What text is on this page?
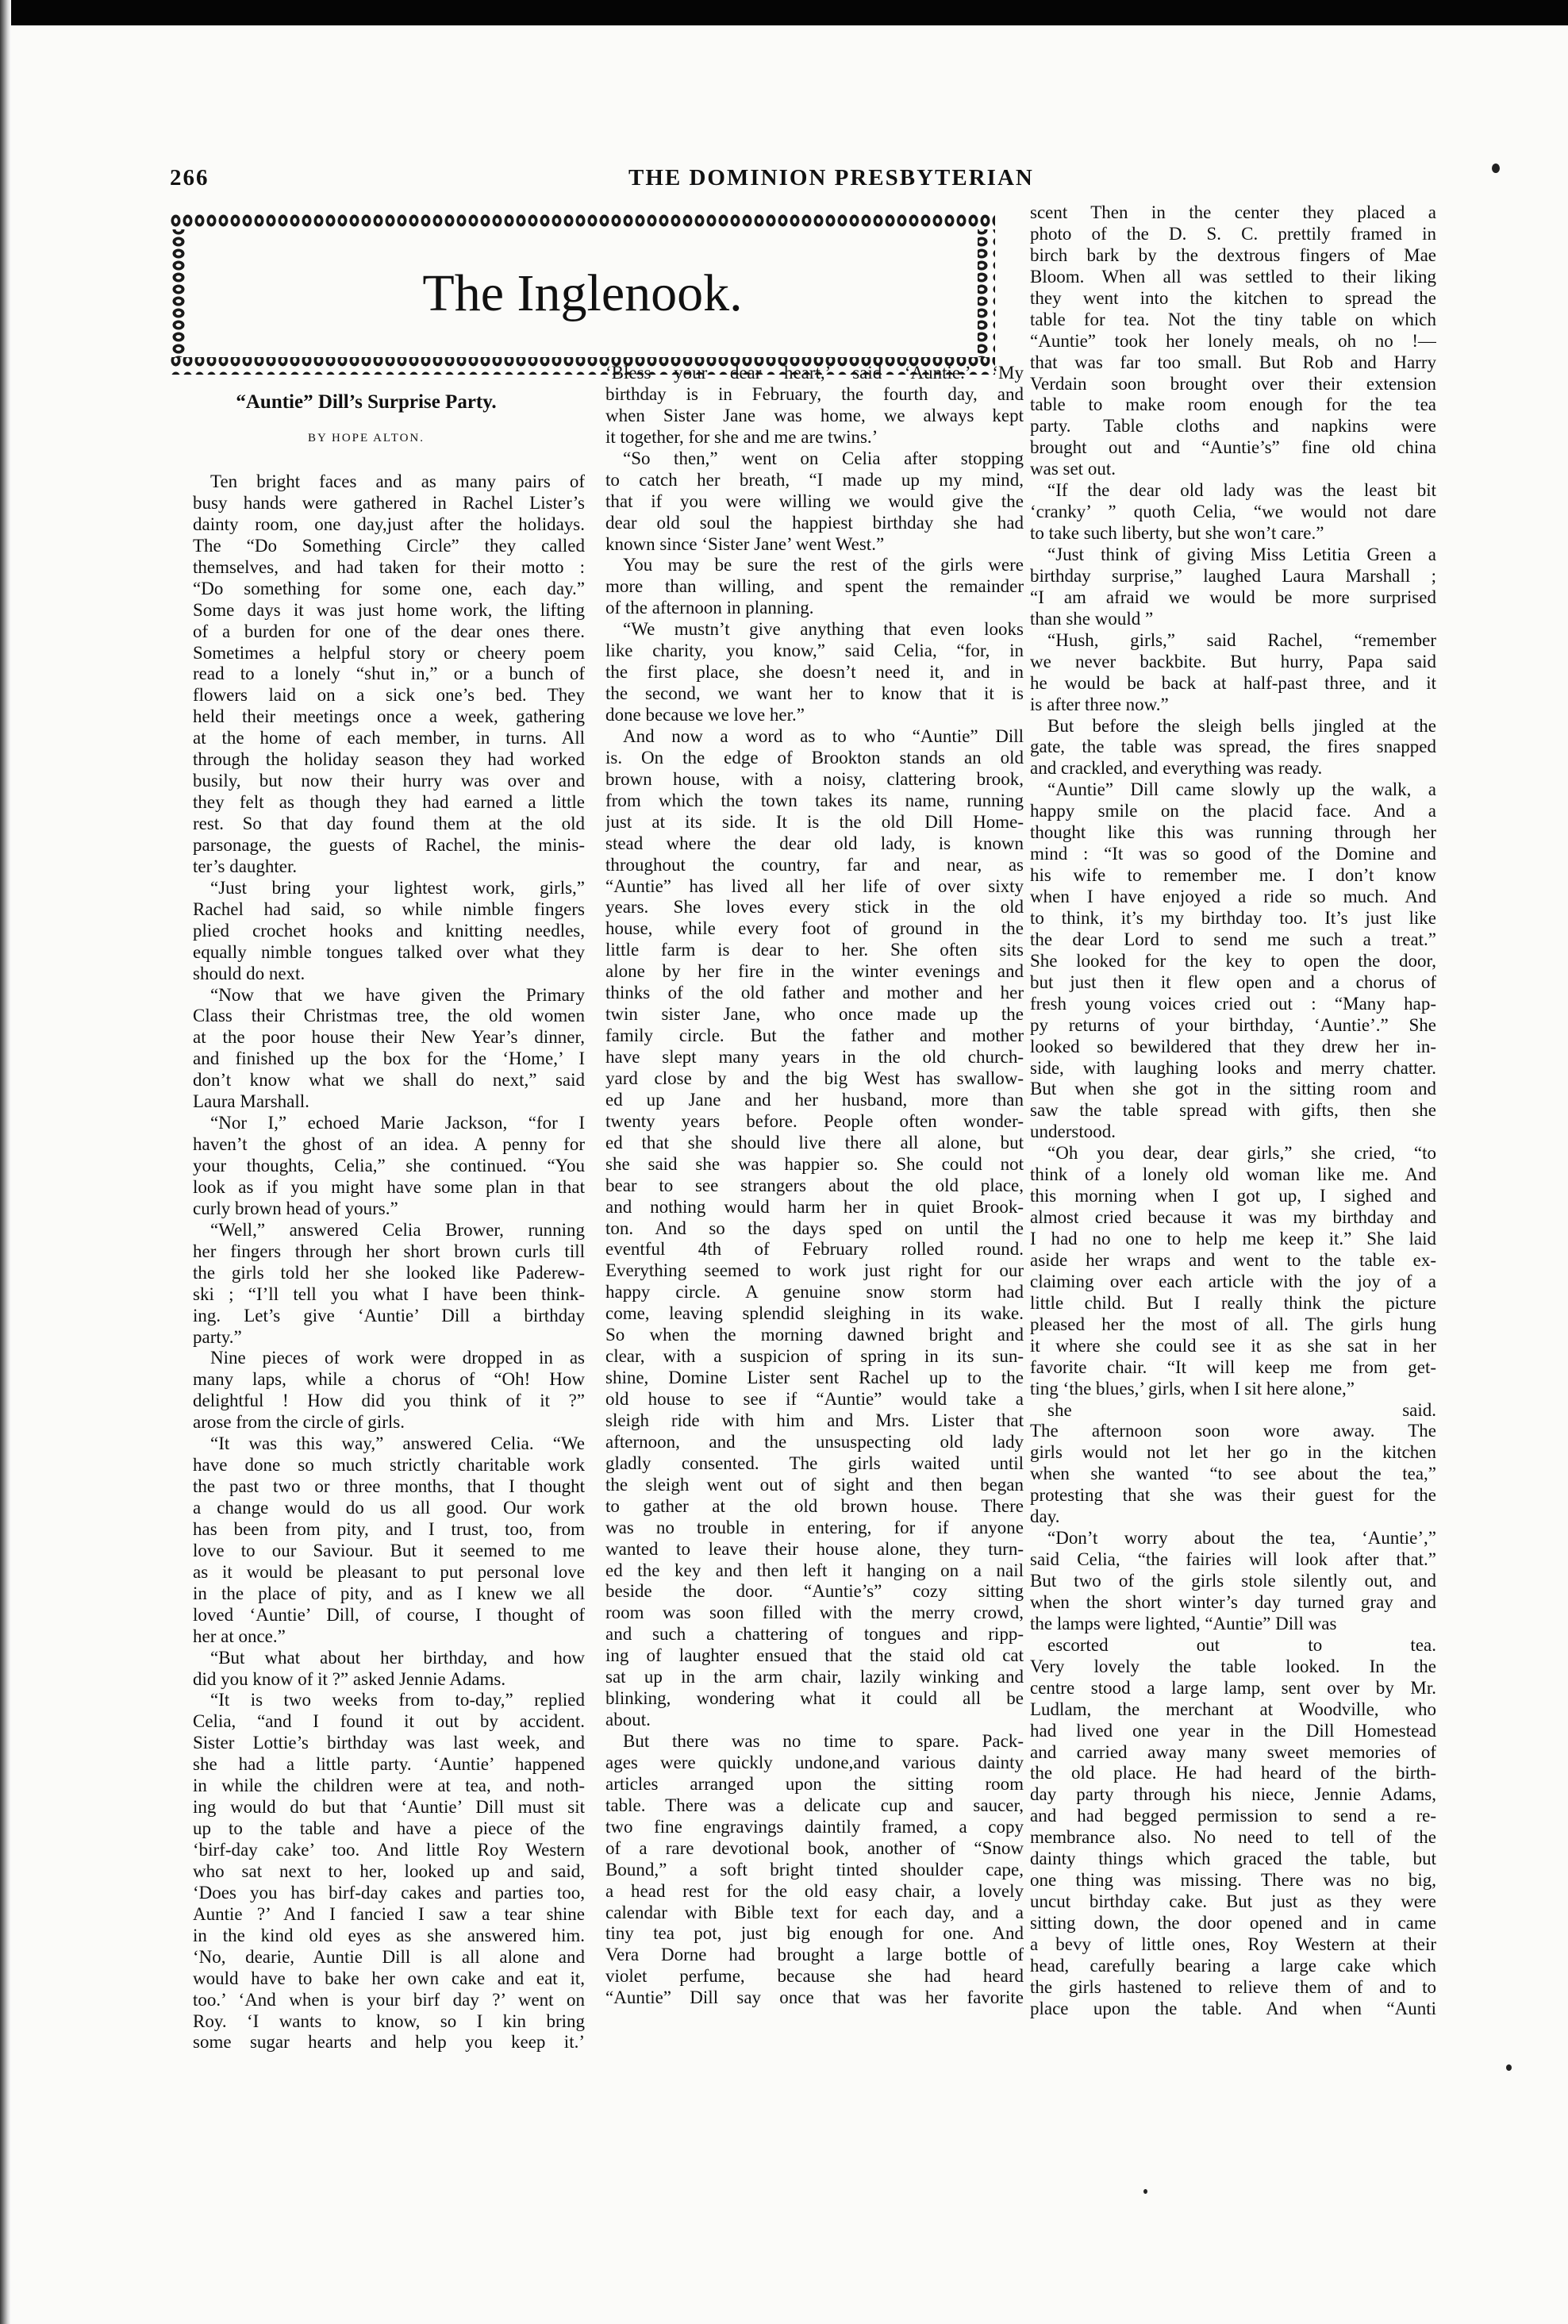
266	THE DOMINION PRESBYTERIAN
The Inglenook.
“Auntie” Dill’s Surprise Party.
BY HOPE ALTON.
Ten bright faces and as many pairs of
busy hands were gathered in Rachel Lister’s
dainty room, one day,just after the holidays.
The “Do Something Circle” they called
themselves, and had taken for their motto :
“Do something for some one, each day.”
Some days it was just home work, the lifting
of a burden for one of the dear ones there.
Sometimes a helpful story or cheery poem
read to a lonely “shut in,” or a bunch of
flowers laid on a sick one’s bed. They
held their meetings once a week, gathering
at the home of each member, in turns. All
through the holiday season they had worked
busily, but now their hurry was over and
they felt as though they had earned a little
rest. So that day found them at the old
parsonage, the guests of Rachel, the minis-
ter’s daughter.
“Just bring your lightest work, girls,”
Rachel had said, so while nimble fingers
plied crochet hooks and knitting needles,
equally nimble tongues talked over what they
should do next.
“Now that we have given the Primary
Class their Christmas tree, the old women
at the poor house their New Year’s dinner,
and finished up the box for the ‘Home,’ I
don’t know what we shall do next,” said
Laura Marshall.
“Nor I,” echoed Marie Jackson, “for I
haven’t the ghost of an idea. A penny for
your thoughts, Celia,” she continued. “You
look as if you might have some plan in that
curly brown head of yours.”
“Well,” answered Celia Brower, running
her fingers through her short brown curls till
the girls told her she looked like Paderew-
ski ; “I’ll tell you what I have been think-
ing. Let’s give ‘Auntie’ Dill a birthday
party.”
Nine pieces of work were dropped in as
many laps, while a chorus of “Oh! How
delightful ! How did you think of it ?”
arose from the circle of girls.
“It was this way,” answered Celia. “We
have done so much strictly charitable work
the past two or three months, that I thought
a change would do us all good. Our work
has been from pity, and I trust, too, from
love to our Saviour. But it seemed to me
as it would be pleasant to put personal love
in the place of pity, and as I knew we all
loved ‘Auntie’ Dill, of course, I thought of
her at once.”
“But what about her birthday, and how
did you know of it ?” asked Jennie Adams.
“It is two weeks from to-day,” replied
Celia, “and I found it out by accident.
Sister Lottie’s birthday was last week, and
she had a little party. ‘Auntie’ happened
in while the children were at tea, and noth-
ing would do but that ‘Auntie’ Dill must sit
up to the table and have a piece of the
‘birf-day cake’ too. And little Roy Western
who sat next to her, looked up and said,
‘Does you has birf-day cakes and parties too,
Auntie ?’ And I fancied I saw a tear shine
in the kind old eyes as she answered him.
‘No, dearie, Auntie Dill is all alone and
would have to bake her own cake and eat it,
too.’ ‘And when is your birf day ?’ went on
Roy. ‘I wants to know, so I kin bring
some sugar hearts and help you keep it.’
‘Bless your dear heart,’ said ‘Auntie.’ ‘My
birthday is in February, the fourth day, and
when Sister Jane was home, we always kept
it together, for she and me are twins.’
“So then,” went on Celia after stopping
to catch her breath, “I made up my mind,
that if you were willing we would give the
dear old soul the happiest birthday she had
known since ‘Sister Jane’ went West.”
You may be sure the rest of the girls were
more than willing, and spent the remainder
of the afternoon in planning.
“We mustn’t give anything that even looks
like charity, you know,” said Celia, “for, in
the first place, she doesn’t need it, and in
the second, we want her to know that it is
done because we love her.”
And now a word as to who “Auntie” Dill
is. On the edge of Brookton stands an old
brown house, with a noisy, clattering brook,
from which the town takes its name, running
just at its side. It is the old Dill Home-
stead where the dear old lady, is known
throughout the country, far and near, as
“Auntie” has lived all her life of over sixty
years. She loves every stick in the old
house, while every foot of ground in the
little farm is dear to her. She often sits
alone by her fire in the winter evenings and
thinks of the old father and mother and her
twin sister Jane, who once made up the
family circle. But the father and mother
have slept many years in the old church-
yard close by and the big West has swallow-
ed up Jane and her husband, more than
twenty years before. People often wonder-
ed that she should live there all alone, but
she said she was happier so. She could not
bear to see strangers about the old place,
and nothing would harm her in quiet Brook-
ton. And so the days sped on until the
eventful 4th of February rolled round.
Everything seemed to work just right for our
happy circle. A genuine snow storm had
come, leaving splendid sleighing in its wake.
So when the morning dawned bright and
clear, with a suspicion of spring in its sun-
shine, Domine Lister sent Rachel up to the
old house to see if “Auntie” would take a
sleigh ride with him and Mrs. Lister that
afternoon, and the unsuspecting old lady
gladly consented. The girls waited until
the sleigh went out of sight and then began
to gather at the old brown house. There
was no trouble in entering, for if anyone
wanted to leave their house alone, they turn-
ed the key and then left it hanging on a nail
beside the door. “Auntie’s” cozy sitting
room was soon filled with the merry crowd,
and such a chattering of tongues and ripp-
ing of laughter ensued that the staid old cat
sat up in the arm chair, lazily winking and
blinking, wondering what it could all be
about.
But there was no time to spare. Pack-
ages were quickly undone,and various dainty
articles arranged upon the sitting room
table. There was a delicate cup and saucer,
two fine engravings daintily framed, a copy
of a rare devotional book, another of “Snow
Bound,” a soft bright tinted shoulder cape,
a head rest for the old easy chair, a lovely
calendar with Bible text for each day, and a
tiny tea pot, just big enough for one. And
Vera Dorne had brought a large bottle of
violet perfume, because she had heard
“Auntie” Dill say once that was her favorite
scent Then in the center they placed a
photo of the D. S. C. prettily framed in
birch bark by the dextrous fingers of Mae
Bloom. When all was settled to their liking
they went into the kitchen to spread the
table for tea. Not the tiny table on which
“Auntie” took her lonely meals, oh no !—
that was far too small. But Rob and Harry
Verdain soon brought over their extension
table to make room enough for the tea
party. Table cloths and napkins were
brought out and “Auntie’s” fine old china
was set out.
“If the dear old lady was the least bit
‘cranky’ ” quoth Celia, “we would not dare
to take such liberty, but she won’t care.”
“Just think of giving Miss Letitia Green a
birthday surprise,” laughed Laura Marshall ;
“I am afraid we would be more surprised
than she would ”
“Hush, girls,” said Rachel, “remember
we never backbite. But hurry, Papa said
he would be back at half-past three, and it
is after three now.”
But before the sleigh bells jingled at the
gate, the table was spread, the fires snapped
and crackled, and everything was ready.
“Auntie” Dill came slowly up the walk, a
happy smile on the placid face. And a
thought like this was running through her
mind : “It was so good of the Domine and
his wife to remember me. I don’t know
when I have enjoyed a ride so much. And
to think, it’s my birthday too. It’s just like
the dear Lord to send me such a treat.”
She looked for the key to open the door,
but just then it flew open and a chorus of
fresh young voices cried out : “Many hap-
py returns of your birthday, ‘Auntie’.” She
looked so bewildered that they drew her in-
side, with laughing looks and merry chatter.
But when she got in the sitting room and
saw the table spread with gifts, then she
understood.
“Oh you dear, dear girls,” she cried, “to
think of a lonely old woman like me. And
this morning when I got up, I sighed and
almost cried because it was my birthday and
I had no one to help me keep it.” She laid
aside her wraps and went to the table ex-
claiming over each article with the joy of a
little child. But I really think the picture
pleased her the most of all. The girls hung
it where she could see it as she sat in her
favorite chair. “It will keep me from get-
ting ‘the blues,’ girls, when I sit here alone,”
she said.
The afternoon soon wore away. The
girls would not let her go in the kitchen
when she wanted “to see about the tea,”
protesting that she was their guest for the
day.
“Don’t worry about the tea, ‘Auntie’,”
said Celia, “the fairies will look after that.”
But two of the girls stole silently out, and
when the short winter’s day turned gray and
the lamps were lighted, “Auntie” Dill was
escorted out to tea.
Very lovely the table looked. In the
centre stood a large lamp, sent over by Mr.
Ludlam, the merchant at Woodville, who
had lived one year in the Dill Homestead
and carried away many sweet memories of
the old place. He had heard of the birth-
day party through his niece, Jennie Adams,
and had begged permission to send a re-
membrance also. No need to tell of the
dainty things which graced the table, but
one thing was missing. There was no big,
uncut birthday cake. But just as they were
sitting down, the door opened and in came
a bevy of little ones, Roy Western at their
head, carefully bearing a large cake which
the girls hastened to relieve them of and to
place upon the table. And when “Aunti
